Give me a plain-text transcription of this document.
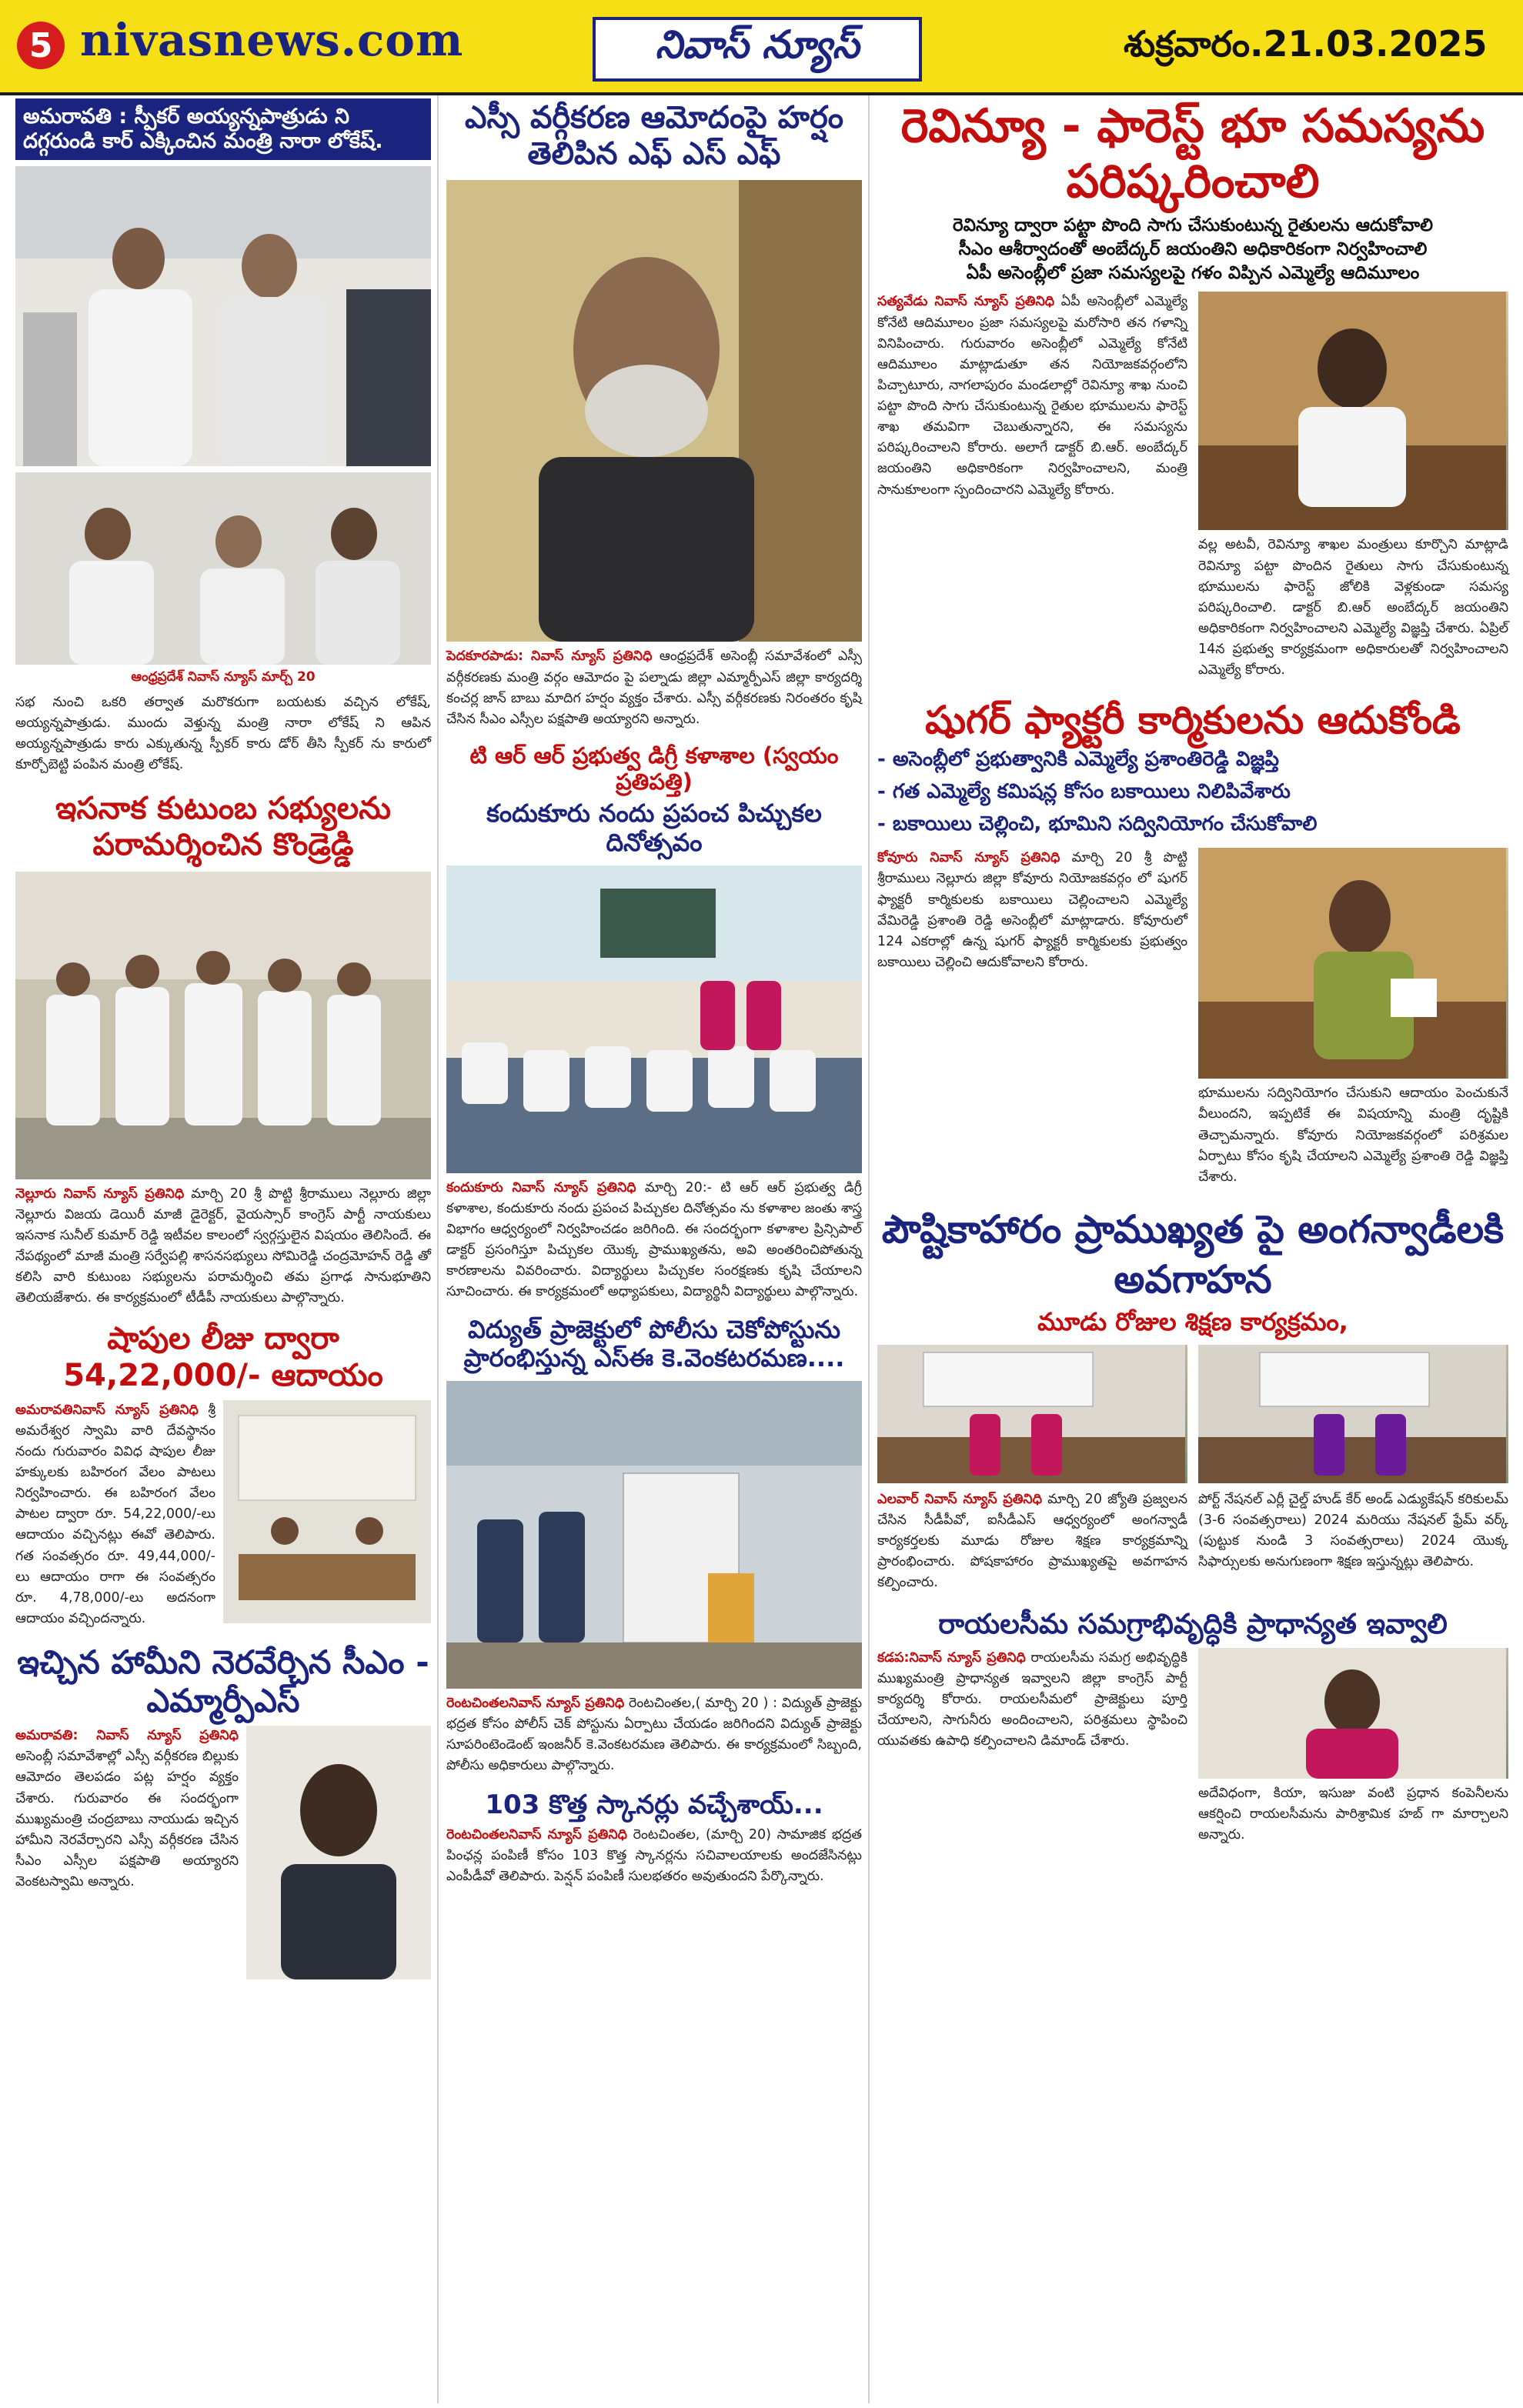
5 nivasnews.com	నివాస్ న్యూస్	శుక్రవారం.21.03.2025

అమరావతి : స్పీకర్ అయ్యన్నపాత్రుడు ని దగ్గరుండి కార్ ఎక్కించిన మంత్రి నారా లోకేష్.

ఆంధ్రప్రదేశ్ నివాస్ న్యూస్ మార్చ్ 20

సభ నుంచి ఒకరి తర్వాత మరొకరుగా బయటకు వచ్చిన లోకేష్, అయ్యన్నపాత్రుడు. ముందు వెళ్తున్న మంత్రి నారా లోకేష్ ని ఆపిన అయ్యన్నపాత్రుడు కారు ఎక్కుతున్న స్పీకర్ కారు డోర్ తీసి స్పీకర్ ను కారులో కూర్చోబెట్టి పంపిన మంత్రి లోకేష్.

ఇసనాక కుటుంబ సభ్యులను పరామర్శించిన కొండ్రెడ్డి

నెల్లూరు నివాస్ న్యూస్ ప్రతినిధి మార్చి 20 శ్రీ పొట్టి శ్రీరాములు నెల్లూరు జిల్లా నెల్లూరు విజయ డెయిరీ మాజీ డైరెక్టర్, వైయస్సార్ కాంగ్రెస్ పార్టీ నాయకులు ఇసనాక సునీల్ కుమార్ రెడ్డి ఇటీవల కాలంలో స్వర్గస్తులైన విషయం తెలిసిందే. ఈ నేపథ్యంలో మాజీ మంత్రి సర్వేపల్లి శాసనసభ్యులు సోమిరెడ్డి చంద్రమోహన్ రెడ్డి తో కలిసి వారి కుటుంబ సభ్యులను పరామర్శించి తమ ప్రగాఢ సానుభూతిని తెలియజేశారు. ఈ కార్యక్రమంలో టీడీపీ నాయకులు పాల్గొన్నారు.

షాపుల లీజు ద్వారా 54,22,000/- ఆదాయం

అమరావతినివాస్ న్యూస్ ప్రతినిధి శ్రీ అమరేశ్వర స్వామి వారి దేవస్థానం నందు గురువారం వివిధ షాపుల లీజు హక్కులకు బహిరంగ వేలం పాటలు నిర్వహించారు. ఈ బహిరంగ వేలం పాటల ద్వారా రూ. 54,22,000/-లు ఆదాయం వచ్చినట్లు ఈవో తెలిపారు. గత సంవత్సరం రూ. 49,44,000/-లు ఆదాయం రాగా ఈ సంవత్సరం రూ. 4,78,000/-లు అదనంగా ఆదాయం వచ్చిందన్నారు.

ఇచ్చిన హామీని నెరవేర్చిన సీఎం - ఎమ్మార్పీఎస్

అమరావతి: నివాస్ న్యూస్ ప్రతినిధి అసెంబ్లీ సమావేశాల్లో ఎస్సీ వర్గీకరణ బిల్లుకు ఆమోదం తెలపడం పట్ల హర్షం వ్యక్తం చేశారు. గురువారం ఈ సందర్భంగా ముఖ్యమంత్రి చంద్రబాబు నాయుడు ఇచ్చిన హామీని నెరవేర్చారని ఎస్సీ వర్గీకరణ చేసిన సీఎం ఎస్సీల పక్షపాతి అయ్యారని వెంకటస్వామి అన్నారు.

ఎస్సీ వర్గీకరణ ఆమోదంపై హర్షం తెలిపిన ఎఫ్ ఎస్ ఎఫ్

పెదకూరపాడు: నివాస్ న్యూస్ ప్రతినిధి ఆంధ్రప్రదేశ్ అసెంబ్లీ సమావేశంలో ఎస్సీ వర్గీకరణకు మంత్రి వర్గం ఆమోదం పై పల్నాడు జిల్లా ఎమ్మార్పీఎస్ జిల్లా కార్యదర్శి కంచర్ల జాన్ బాబు మాదిగ హర్షం వ్యక్తం చేశారు. ఎస్సీ వర్గీకరణకు నిరంతరం కృషి చేసిన సీఎం ఎస్సీల పక్షపాతి అయ్యారని అన్నారు.

టి ఆర్ ఆర్ ప్రభుత్వ డిగ్రీ కళాశాల (స్వయం ప్రతిపత్తి)

కందుకూరు నందు ప్రపంచ పిచ్చుకల దినోత్సవం

కందుకూరు నివాస్ న్యూస్ ప్రతినిధి మార్చి 20:- టి ఆర్ ఆర్ ప్రభుత్వ డిగ్రీ కళాశాల, కందుకూరు నందు ప్రపంచ పిచ్చుకల దినోత్సవం ను కళాశాల జంతు శాస్త్ర విభాగం ఆధ్వర్యంలో నిర్వహించడం జరిగింది. ఈ సందర్భంగా కళాశాల ప్రిన్సిపాల్ డాక్టర్ ప్రసంగిస్తూ పిచ్చుకల యొక్క ప్రాముఖ్యతను, అవి అంతరించిపోతున్న కారణాలను వివరించారు. విద్యార్థులు పిచ్చుకల సంరక్షణకు కృషి చేయాలని సూచించారు. ఈ కార్యక్రమంలో అధ్యాపకులు, విద్యార్థినీ విద్యార్థులు పాల్గొన్నారు.

విద్యుత్ ప్రాజెక్టులో పోలీసు చెకోపోస్టును ప్రారంభిస్తున్న ఎస్ఈ కె.వెంకటరమణ....

రెంటచింతలనివాస్ న్యూస్ ప్రతినిధి రెంటచింతల,( మార్చి 20 ) : విద్యుత్ ప్రాజెక్టు భద్రత కోసం పోలీస్ చెక్ పోస్టును ఏర్పాటు చేయడం జరిగిందని విద్యుత్ ప్రాజెక్టు సూపరింటెండెంట్ ఇంజనీర్ కె.వెంకటరమణ తెలిపారు. ఈ కార్యక్రమంలో సిబ్బంది, పోలీసు అధికారులు పాల్గొన్నారు.

103 కొత్త స్కానర్లు వచ్చేశాయ్...

రెంటచింతలనివాస్ న్యూస్ ప్రతినిధి రెంటచింతల, (మార్చి 20) సామాజిక భద్రత పింఛన్ల పంపిణీ కోసం 103 కొత్త స్కానర్లను సచివాలయాలకు అందజేసినట్లు ఎంపీడీవో తెలిపారు. పెన్షన్ పంపిణీ సులభతరం అవుతుందని పేర్కొన్నారు.

రెవిన్యూ - ఫారెస్ట్ భూ సమస్యను పరిష్కరించాలి

రెవిన్యూ ద్వారా పట్టా పొంది సాగు చేసుకుంటున్న రైతులను ఆదుకోవాలి

సీఎం ఆశీర్వాదంతో అంబేద్కర్ జయంతిని అధికారికంగా నిర్వహించాలి

ఏపీ అసెంబ్లీలో ప్రజా సమస్యలపై గళం విప్పిన ఎమ్మెల్యే ఆదిమూలం

సత్యవేడు నివాస్ న్యూస్ ప్రతినిధి ఏపీ అసెంబ్లీలో ఎమ్మెల్యే కోనేటి ఆదిమూలం ప్రజా సమస్యలపై మరోసారి తన గళాన్ని వినిపించారు. గురువారం అసెంబ్లీలో ఎమ్మెల్యే కోనేటి ఆదిమూలం మాట్లాడుతూ తన నియోజకవర్గంలోని పిచ్చాటూరు, నాగలాపురం మండలాల్లో రెవిన్యూ శాఖ నుంచి పట్టా పొంది సాగు చేసుకుంటున్న రైతుల భూములను ఫారెస్ట్ శాఖ తమవిగా చెబుతున్నారని, ఈ సమస్యను పరిష్కరించాలని కోరారు. అలాగే డాక్టర్ బి.ఆర్. అంబేద్కర్ జయంతిని అధికారికంగా నిర్వహించాలని, మంత్రి సానుకూలంగా స్పందించారని ఎమ్మెల్యే కోరారు.

వల్ల అటవీ, రెవిన్యూ శాఖల మంత్రులు కూర్చొని మాట్లాడి రెవిన్యూ పట్టా పొందిన రైతులు సాగు చేసుకుంటున్న భూములను ఫారెస్ట్ జోలికి వెళ్లకుండా సమస్య పరిష్కరించాలి. డాక్టర్ బి.ఆర్ అంబేద్కర్ జయంతిని అధికారికంగా నిర్వహించాలని ఎమ్మెల్యే విజ్ఞప్తి చేశారు. ఏప్రిల్ 14న ప్రభుత్వ కార్యక్రమంగా అధికారులతో నిర్వహించాలని ఎమ్మెల్యే కోరారు.

షుగర్ ఫ్యాక్టరీ కార్మికులను ఆదుకోండి

- అసెంబ్లీలో ప్రభుత్వానికి ఎమ్మెల్యే ప్రశాంతిరెడ్డి విజ్ఞప్తి

- గత ఎమ్మెల్యే కమిషన్ల కోసం బకాయిలు నిలిపివేశారు

- బకాయిలు చెల్లించి, భూమిని సద్వినియోగం చేసుకోవాలి

కోవూరు నివాస్ న్యూస్ ప్రతినిధి మార్చి 20 శ్రీ పొట్టి శ్రీరాములు నెల్లూరు జిల్లా కోవూరు నియోజకవర్గం లో షుగర్ ఫ్యాక్టరీ కార్మికులకు బకాయిలు చెల్లించాలని ఎమ్మెల్యే వేమిరెడ్డి ప్రశాంతి రెడ్డి అసెంబ్లీలో మాట్లాడారు. కోవూరులో 124 ఎకరాల్లో ఉన్న షుగర్ ఫ్యాక్టరీ కార్మికులకు ప్రభుత్వం బకాయిలు చెల్లించి ఆదుకోవాలని కోరారు.

భూములను సద్వినియోగం చేసుకుని ఆదాయం పెంచుకునే వీలుందని, ఇప్పటికే ఈ విషయాన్ని మంత్రి దృష్టికి తెచ్చామన్నారు. కోవూరు నియోజకవర్గంలో పరిశ్రమల ఏర్పాటు కోసం కృషి చేయాలని ఎమ్మెల్యే ప్రశాంతి రెడ్డి విజ్ఞప్తి చేశారు.

పౌష్టికాహారం ప్రాముఖ్యత పై అంగన్వాడీలకి అవగాహన

మూడు రోజుల శిక్షణ కార్యక్రమం,

ఎలవార్ నివాస్ న్యూస్ ప్రతినిధి మార్చి 20 జ్యోతి ప్రజ్వలన చేసిన సీడీపీవో, ఐసీడీఎస్ ఆధ్వర్యంలో అంగన్వాడీ కార్యకర్తలకు మూడు రోజుల శిక్షణ కార్యక్రమాన్ని ప్రారంభించారు. పోషకాహారం ప్రాముఖ్యతపై అవగాహన కల్పించారు.

పోర్ట్ నేషనల్ ఎర్లీ చైల్డ్ హుడ్ కేర్ అండ్ ఎడ్యుకేషన్ కరికులమ్ (3-6 సంవత్సరాలు) 2024 మరియు నేషనల్ ఫ్రేమ్ వర్క్ (పుట్టుక నుండి 3 సంవత్సరాలు) 2024 యొక్క సిఫార్సులకు అనుగుణంగా శిక్షణ ఇస్తున్నట్లు తెలిపారు.

రాయలసీమ సమగ్రాభివృద్ధికి ప్రాధాన్యత ఇవ్వాలి

కడప:నివాస్ న్యూస్ ప్రతినిధి రాయలసీమ సమగ్ర అభివృద్ధికి ముఖ్యమంత్రి ప్రాధాన్యత ఇవ్వాలని జిల్లా కాంగ్రెస్ పార్టీ కార్యదర్శి కోరారు. రాయలసీమలో ప్రాజెక్టులు పూర్తి చేయాలని, సాగునీరు అందించాలని, పరిశ్రమలు స్థాపించి యువతకు ఉపాధి కల్పించాలని డిమాండ్ చేశారు.

అదేవిధంగా, కియా, ఇసుజు వంటి ప్రధాన కంపెనీలను ఆకర్షించి రాయలసీమను పారిశ్రామిక హబ్ గా మార్చాలని అన్నారు.
